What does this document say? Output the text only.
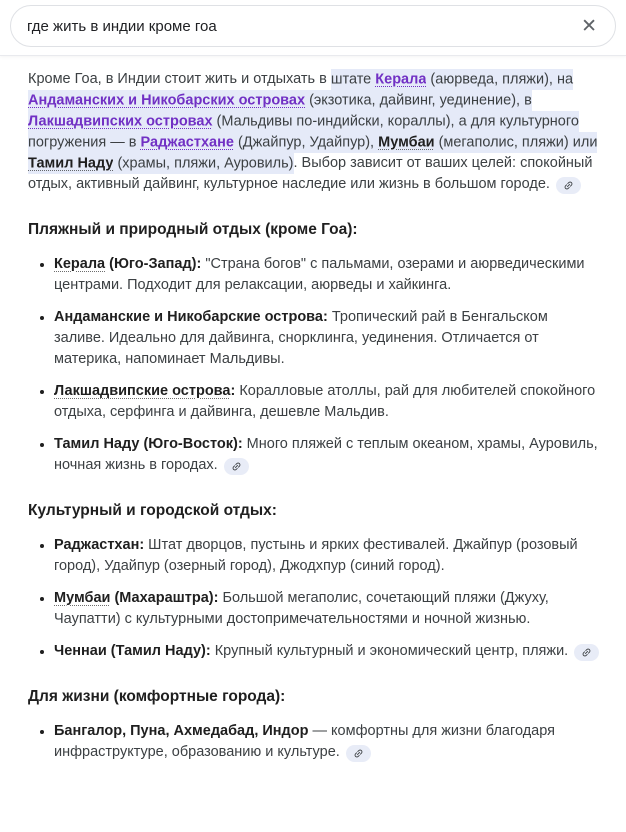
где жить в индии кроме гоа
✕

Кроме Гоа, в Индии стоит жить и отдыхать в штате Керала (аюрведа, пляжи), на Андаманских и Никобарских островах (экзотика, дайвинг, уединение), в Лакшадвипских островах (Мальдивы по-индийски, кораллы), а для культурного погружения — в Раджастхане (Джайпур, Удайпур), Мумбаи (мегаполис, пляжи) или Тамил Наду (храмы, пляжи, Ауровиль). Выбор зависит от ваших целей: спокойный отдых, активный дайвинг, культурное наследие или жизнь в большом городе.

Пляжный и природный отдых (кроме Гоа):
• Керала (Юго-Запад): "Страна богов" с пальмами, озерами и аюрведическими центрами. Подходит для релаксации, аюрведы и хайкинга.
• Андаманские и Никобарские острова: Тропический рай в Бенгальском заливе. Идеально для дайвинга, снорклинга, уединения. Отличается от материка, напоминает Мальдивы.
• Лакшадвипские острова: Коралловые атоллы, рай для любителей спокойного отдыха, серфинга и дайвинга, дешевле Мальдив.
• Тамил Наду (Юго-Восток): Много пляжей с теплым океаном, храмы, Ауровиль, ночная жизнь в городах.
Культурный и городской отдых:
• Раджастхан: Штат дворцов, пустынь и ярких фестивалей. Джайпур (розовый город), Удайпур (озерный город), Джодхпур (синий город).
• Мумбаи (Махараштра): Большой мегаполис, сочетающий пляжи (Джуху, Чаупатти) с культурными достопримечательностями и ночной жизнью.
• Ченнаи (Тамил Наду): Крупный культурный и экономический центр, пляжи.
Для жизни (комфортные города):
• Бангалор, Пуна, Ахмедабад, Индор — комфортны для жизни благодаря инфраструктуре, образованию и культуре.
